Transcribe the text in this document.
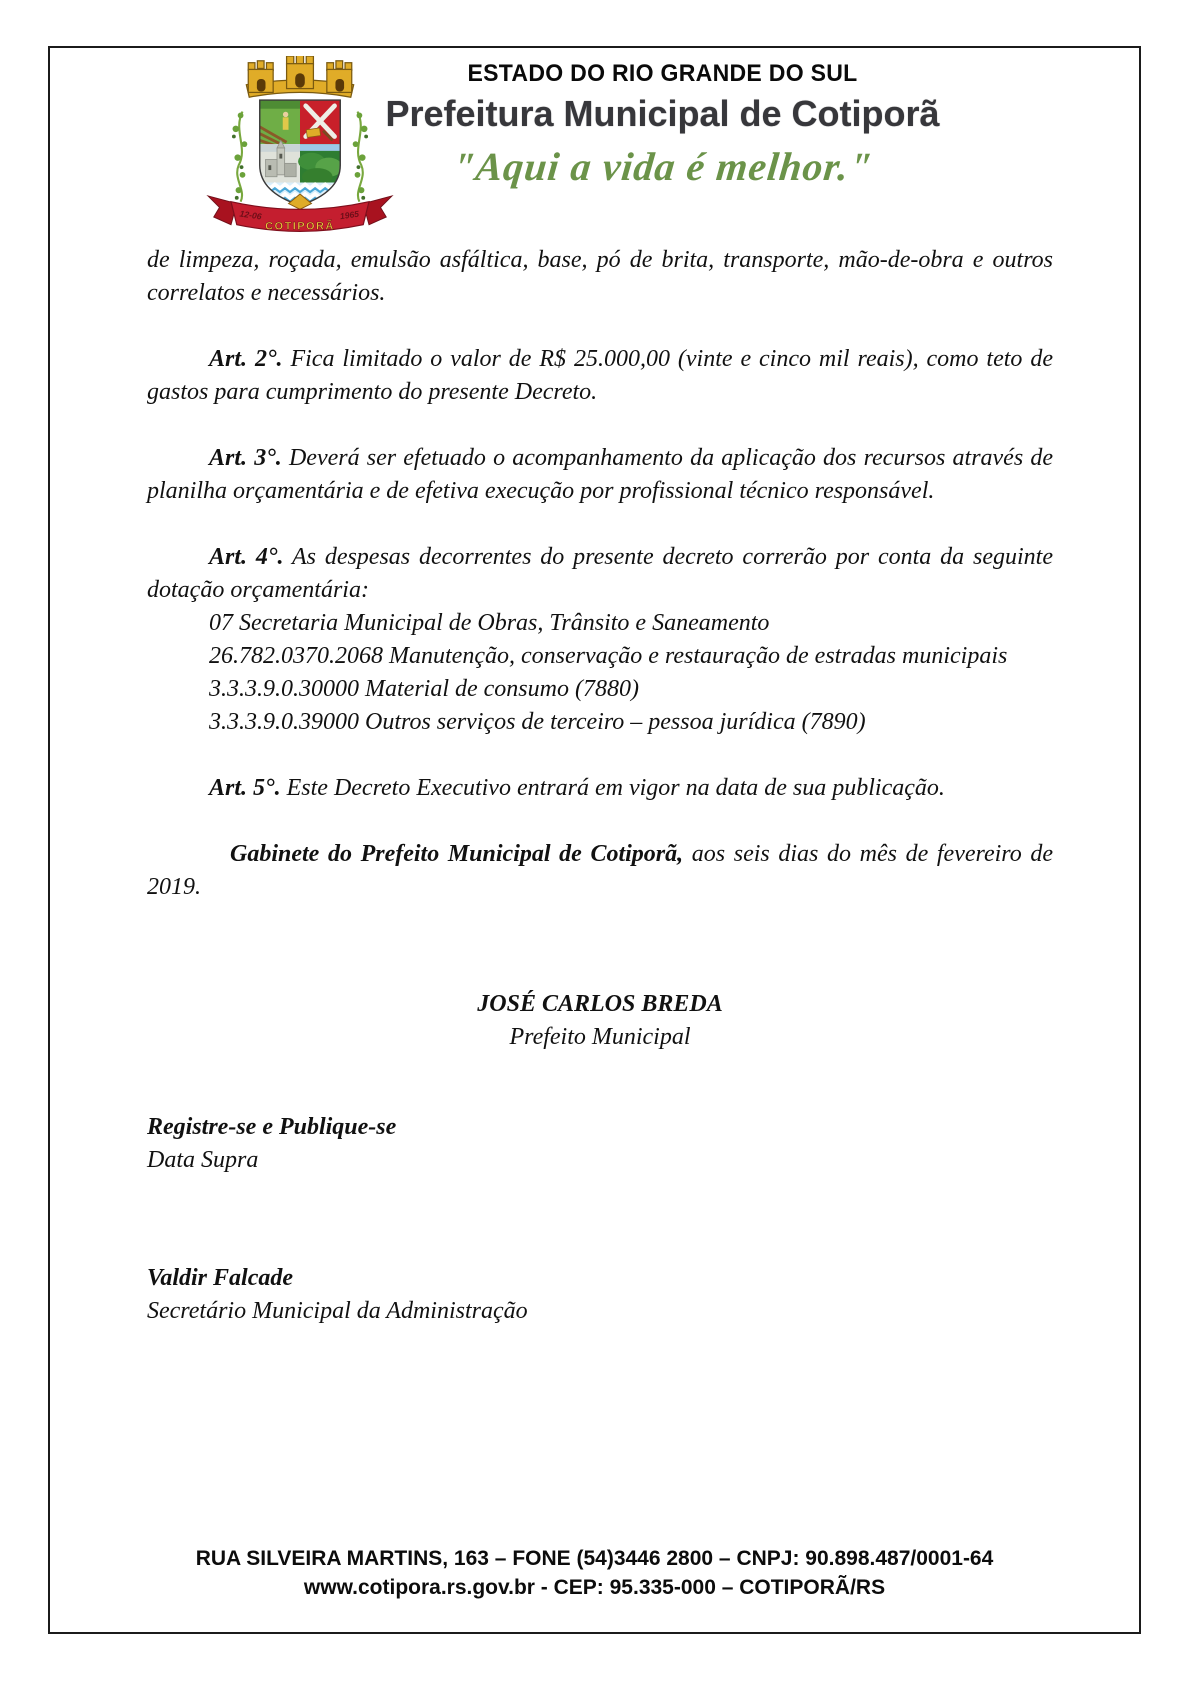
12-06	1965
COTIPORÃ
ESTADO DO RIO GRANDE DO SUL
Prefeitura Municipal de Cotiporã
"Aqui a vida é melhor."

de limpeza, roçada, emulsão asfáltica, base, pó de brita, transporte, mão-de-obra e outros correlatos e necessários.

Art. 2°. Fica limitado o valor de R$ 25.000,00 (vinte e cinco mil reais), como teto de gastos para cumprimento do presente Decreto.

Art. 3°. Deverá ser efetuado o acompanhamento da aplicação dos recursos através de planilha orçamentária e de efetiva execução por profissional técnico responsável.

Art. 4°. As despesas decorrentes do presente decreto correrão por conta da seguinte dotação orçamentária:

07 Secretaria Municipal de Obras, Trânsito e Saneamento

26.782.0370.2068 Manutenção, conservação e restauração de estradas municipais

3.3.3.9.0.30000 Material de consumo (7880)

3.3.3.9.0.39000 Outros serviços de terceiro – pessoa jurídica (7890)

Art. 5°. Este Decreto Executivo entrará em vigor na data de sua publicação.

Gabinete do Prefeito Municipal de Cotiporã, aos seis dias do mês de fevereiro de 2019.

JOSÉ CARLOS BREDA
Prefeito Municipal
Registre-se e Publique-se
Data Supra
Valdir Falcade
Secretário Municipal da Administração
RUA SILVEIRA MARTINS, 163 – FONE (54)3446 2800 – CNPJ: 90.898.487/0001-64
www.cotipora.rs.gov.br - CEP: 95.335-000 – COTIPORÃ/RS
